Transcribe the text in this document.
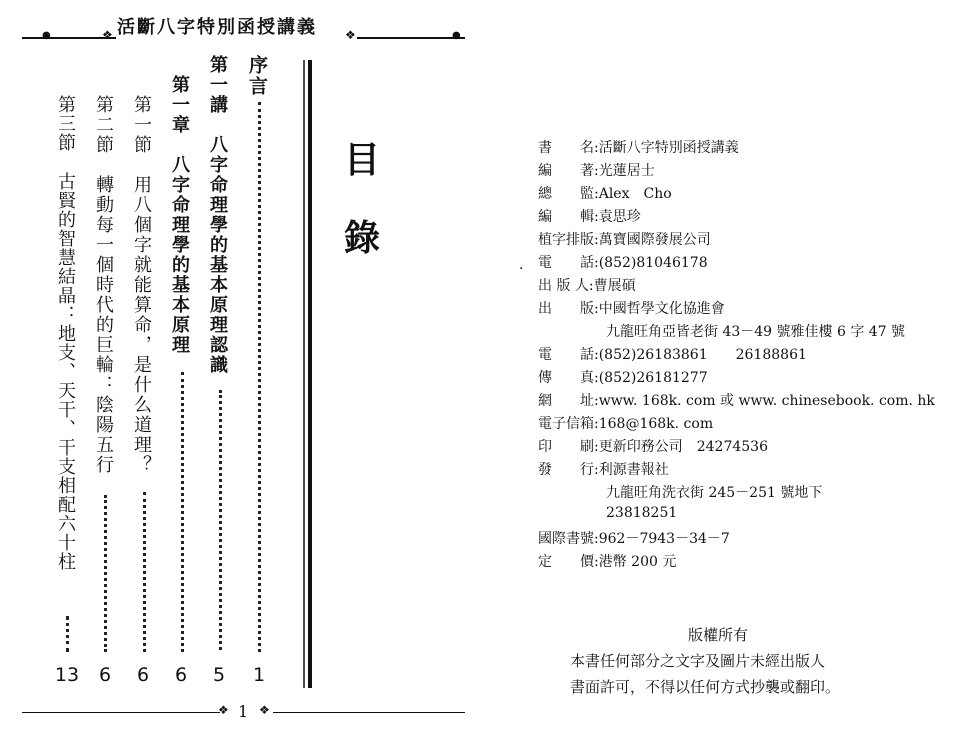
❖ 活斷八字特別函授講義 ❖
●	●
目
錄
序言
1
第一講八字命理學的基本原理認識
5
第一章八字命理學的基本原理
6
第一節用八個字就能算命，是什么道理？
6
第二節轉動每一個時代的巨輪：陰陽五行
6
第三節古賢的智慧結晶：地支、天干、干支相配六十柱
13
❖ 1 ❖
書　　名:活斷八字特別函授講義
編　　著:光蓮居士
總　　監:Alex　Cho
編　　輯:袁思珍
植字排版:萬寶國際發展公司
電　　話:(852)81046178
出 版 人:曹展碩
出　　版:中國哲學文化協進會
九龍旺角亞皆老街 43－49 號雅佳樓 6 字 47 號
電　　話:(852)26183861　　26188861
傳　　真:(852)26181277
網　　址:www. 168k. com 或 www. chinesebook. com. hk
電子信箱:168@168k. com
印　　刷:更新印務公司　24274536
發　　行:利源書報社
九龍旺角洗衣街 245－251 號地下
23818251
國際書號:962－7943－34－7
定　　價:港幣 200 元
·
版權所有
本書任何部分之文字及圖片未經出版人
書面許可，不得以任何方式抄襲或翻印。
